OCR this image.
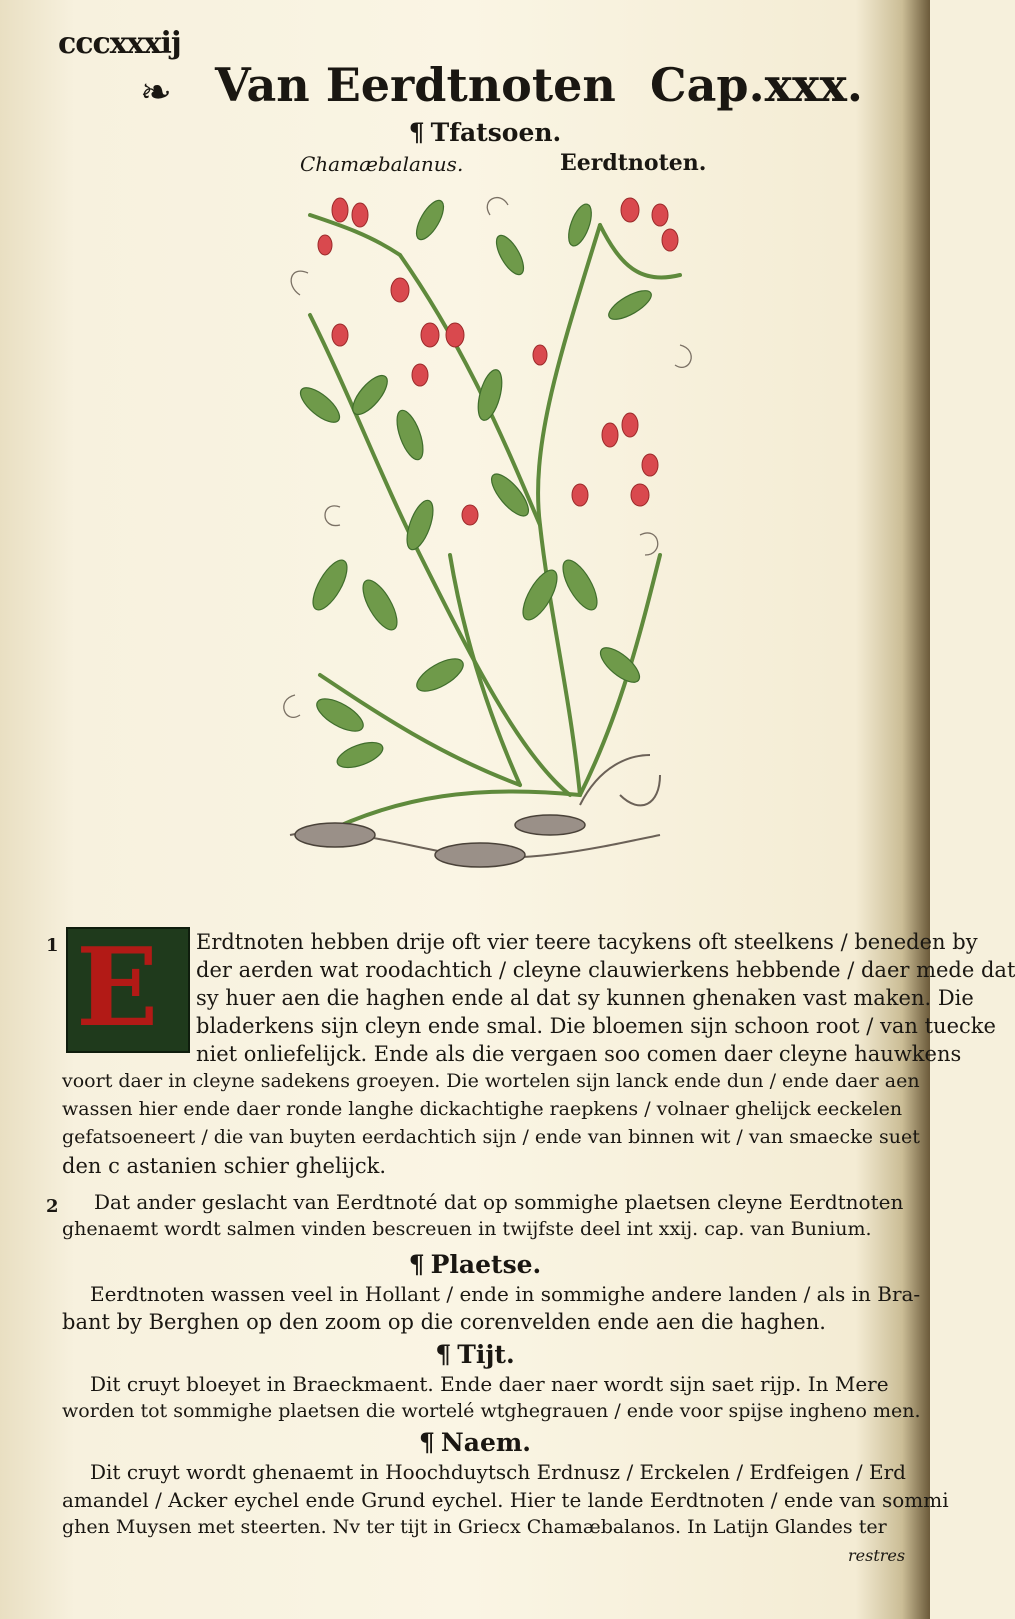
cccxxxij
❧ Van Eerdtnoten Cap.xxx.
¶ Tfatsoen.
Chamæbalanus.	Eerdtnoten.
E
1	Erdtnoten hebben drije oft vier teere tacykens oft steelkens / beneden by
der aerden wat roodachtich / cleyne clauwierkens hebbende / daer mede dat
sy huer aen die haghen ende al dat sy kunnen ghenaken vast maken. Die
bladerkens sijn cleyn ende smal. Die bloemen sijn schoon root / van tuecke
niet onliefelijck. Ende als die vergaen soo comen daer cleyne hauwkens
voort daer in cleyne sadekens groeyen. Die wortelen sijn lanck ende dun / ende daer aen
wassen hier ende daer ronde langhe dickachtighe raepkens / volnaer ghelijck eeckelen
gefatsoeneert / die van buyten eerdachtich sijn / ende van binnen wit / van smaecke suet
den c astanien schier ghelijck.
2 Dat ander geslacht van Eerdtnoté dat op sommighe plaetsen cleyne Eerdtnoten
ghenaemt wordt salmen vinden bescreuen in twijfste deel int xxij. cap. van Bunium.
¶ Plaetse.
Eerdtnoten wassen veel in Hollant / ende in sommighe andere landen / als in Bra-
bant by Berghen op den zoom op die corenvelden ende aen die haghen.
¶ Tijt.
Dit cruyt bloeyet in Braeckmaent. Ende daer naer wordt sijn saet rijp. In Mere
worden tot sommighe plaetsen die wortelé wtghegrauen / ende voor spijse ingheno men.
¶ Naem.
Dit cruyt wordt ghenaemt in Hoochduytsch Erdnusz / Erckelen / Erdfeigen / Erd
amandel / Acker eychel ende Grund eychel. Hier te lande Eerdtnoten / ende van sommi
ghen Muysen met steerten. Nv ter tijt in Griecx Chamæbalanos. In Latijn Glandes ter
restres
